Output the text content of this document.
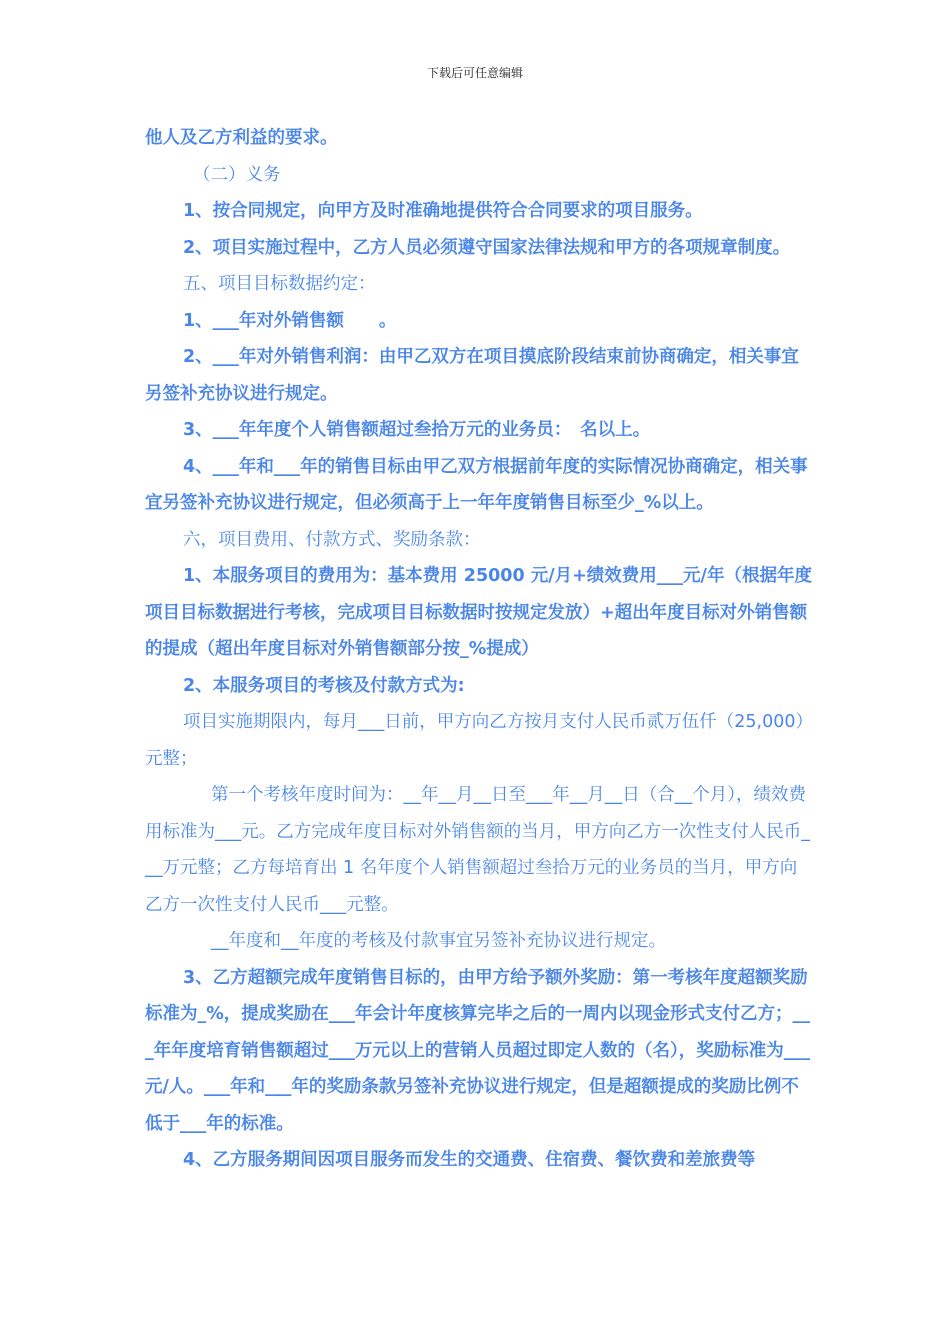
下载后可任意编辑

他人及乙方利益的要求。

（二）义务

1、按合同规定，向甲方及时准确地提供符合合同要求的项目服务。

2、项目实施过程中，乙方人员必须遵守国家法律法规和甲方的各项规章制度。

五、项目目标数据约定：

1、___年对外销售额　　。

2、___年对外销售利润：由甲乙双方在项目摸底阶段结束前协商确定，相关事宜另签补充协议进行规定。

3、___年年度个人销售额超过叁拾万元的业务员：　名以上。

4、___年和___年的销售目标由甲乙双方根据前年度的实际情况协商确定，相关事宜另签补充协议进行规定，但必须高于上一年年度销售目标至少_%以上。

六，项目费用、付款方式、奖励条款：

1、本服务项目的费用为：基本费用 25000 元/月+绩效费用___元/年（根据年度项目目标数据进行考核，完成项目目标数据时按规定发放）+超出年度目标对外销售额的提成（超出年度目标对外销售额部分按_%提成）

2、本服务项目的考核及付款方式为:

项目实施期限内，每月___日前，甲方向乙方按月支付人民币贰万伍仟（25,000）元整；

第一个考核年度时间为：__年__月__日至___年__月__日（合__个月），绩效费用标准为___元。乙方完成年度目标对外销售额的当月，甲方向乙方一次性支付人民币___万元整；乙方每培育出 1 名年度个人销售额超过叁拾万元的业务员的当月，甲方向乙方一次性支付人民币___元整。

__年度和__年度的考核及付款事宜另签补充协议进行规定。

3、乙方超额完成年度销售目标的，由甲方给予额外奖励：第一考核年度超额奖励标准为_%，提成奖励在___年会计年度核算完毕之后的一周内以现金形式支付乙方；___年年度培育销售额超过___万元以上的营销人员超过即定人数的（名），奖励标准为___元/人。___年和___年的奖励条款另签补充协议进行规定，但是超额提成的奖励比例不低于___年的标准。

4、乙方服务期间因项目服务而发生的交通费、住宿费、餐饮费和差旅费等
